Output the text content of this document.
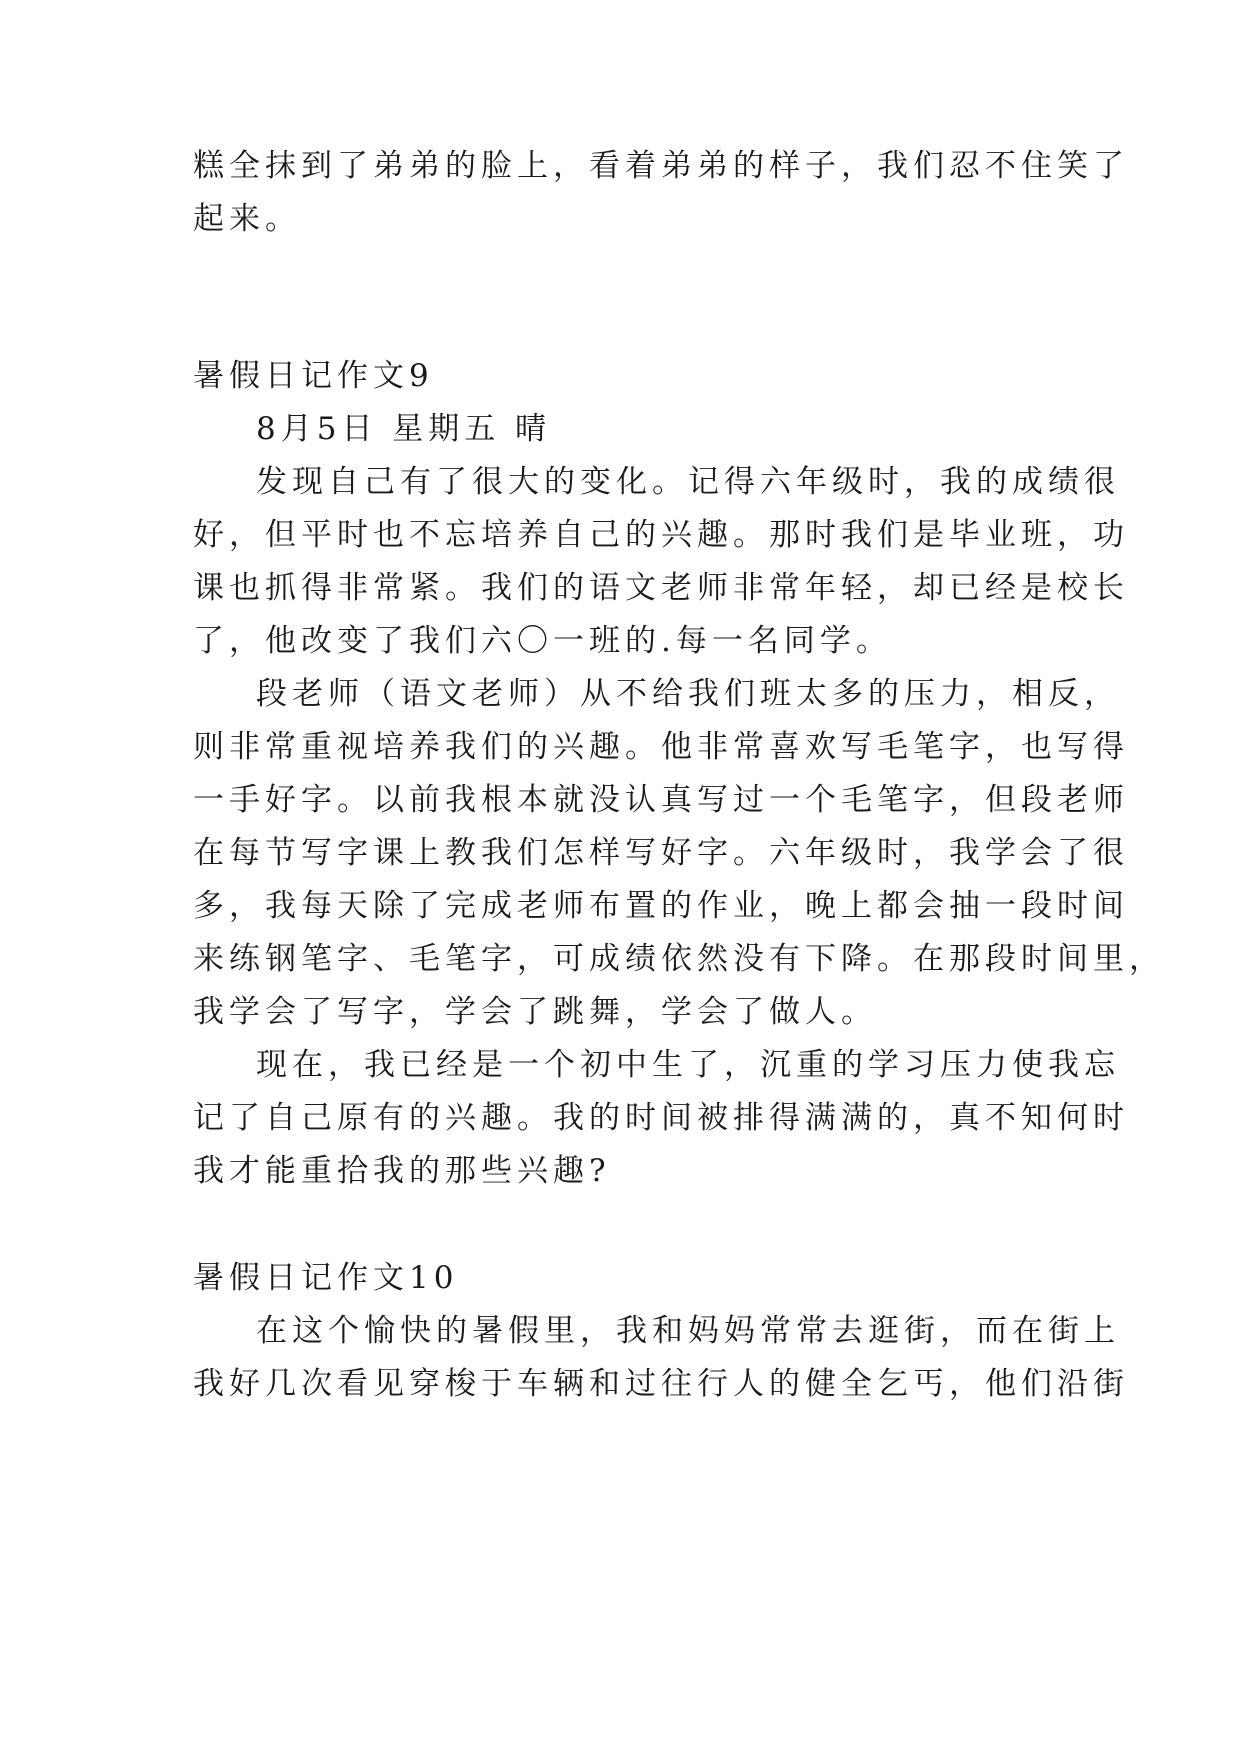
糕全抹到了弟弟的脸上，看着弟弟的样子，我们忍不住笑了
起来。
暑假日记作文9
8月5日 星期五 晴
发现自己有了很大的变化。记得六年级时，我的成绩很
好，但平时也不忘培养自己的兴趣。那时我们是毕业班，功
课也抓得非常紧。我们的语文老师非常年轻，却已经是校长
了，他改变了我们六〇一班的.每一名同学。
段老师（语文老师）从不给我们班太多的压力，相反，
则非常重视培养我们的兴趣。他非常喜欢写毛笔字，也写得
一手好字。以前我根本就没认真写过一个毛笔字，但段老师
在每节写字课上教我们怎样写好字。六年级时，我学会了很
多，我每天除了完成老师布置的作业，晚上都会抽一段时间
来练钢笔字、毛笔字，可成绩依然没有下降。在那段时间里，
我学会了写字，学会了跳舞，学会了做人。
现在，我已经是一个初中生了，沉重的学习压力使我忘
记了自己原有的兴趣。我的时间被排得满满的，真不知何时
我才能重拾我的那些兴趣?
暑假日记作文10
在这个愉快的暑假里，我和妈妈常常去逛街，而在街上
我好几次看见穿梭于车辆和过往行人的健全乞丐，他们沿街
